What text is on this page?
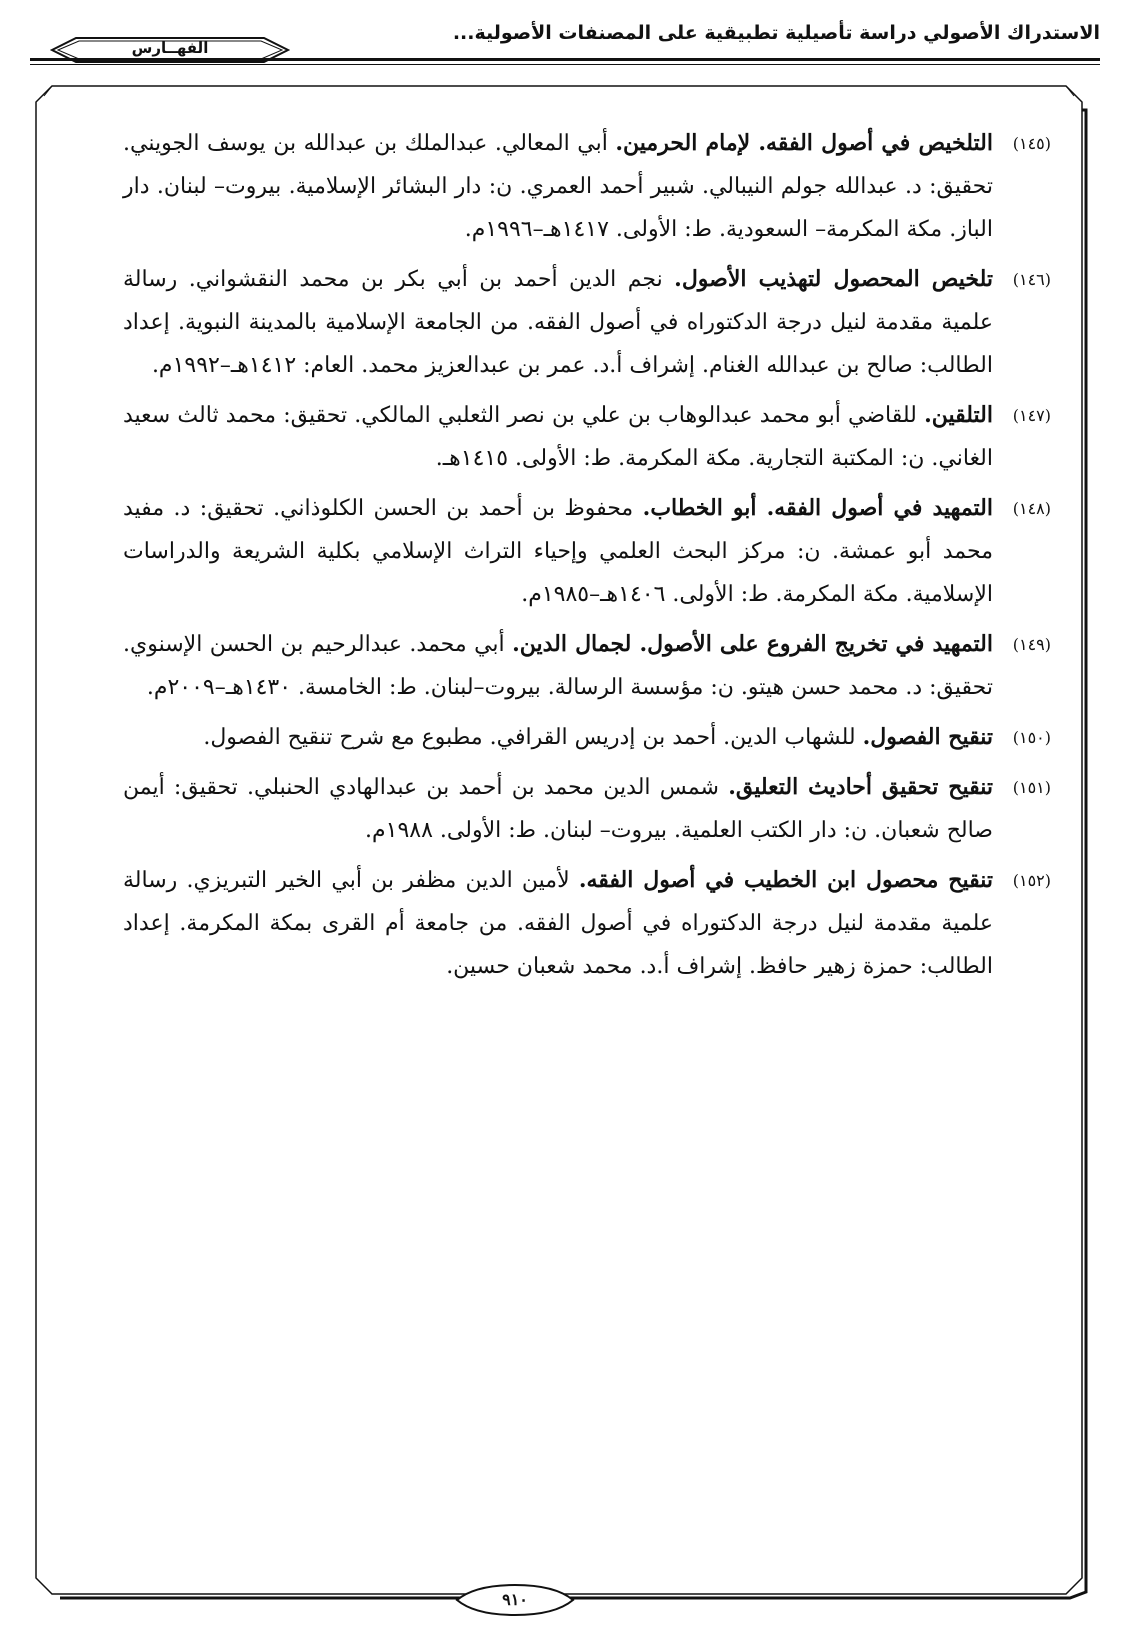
الاستدراك الأصولي دراسة تأصيلية تطبيقية على المصنفات الأصولية...
الفهــارس
(١٤٥)

التلخيص في أصول الفقه. لإمام الحرمين. أبي المعالي. عبدالملك بن عبدالله بن يوسف الجويني. تحقيق: د. عبدالله جولم النيبالي. شبير أحمد العمري. ن: دار البشائر الإسلامية. بيروت– لبنان. دار الباز. مكة المكرمة– السعودية. ط: الأولى. ١٤١٧هـ–١٩٩٦م.

(١٤٦)

تلخيص المحصول لتهذيب الأصول. نجم الدين أحمد بن أبي بكر بن محمد النقشواني. رسالة علمية مقدمة لنيل درجة الدكتوراه في أصول الفقه. من الجامعة الإسلامية بالمدينة النبوية. إعداد الطالب: صالح بن عبدالله الغنام. إشراف أ.د. عمر بن عبدالعزيز محمد. العام: ١٤١٢هـ–١٩٩٢م.

(١٤٧)

التلقين. للقاضي أبو محمد عبدالوهاب بن علي بن نصر الثعلبي المالكي. تحقيق: محمد ثالث سعيد الغاني. ن: المكتبة التجارية. مكة المكرمة. ط: الأولى. ١٤١٥هـ.

(١٤٨)

التمهيد في أصول الفقه. أبو الخطاب. محفوظ بن أحمد بن الحسن الكلوذاني. تحقيق: د. مفيد محمد أبو عمشة. ن: مركز البحث العلمي وإحياء التراث الإسلامي بكلية الشريعة والدراسات الإسلامية. مكة المكرمة. ط: الأولى. ١٤٠٦هـ–١٩٨٥م.

(١٤٩)

التمهيد في تخريج الفروع على الأصول. لجمال الدين. أبي محمد. عبدالرحيم بن الحسن الإسنوي. تحقيق: د. محمد حسن هيتو. ن: مؤسسة الرسالة. بيروت–لبنان. ط: الخامسة. ١٤٣٠هـ–٢٠٠٩م.

(١٥٠)

تنقيح الفصول. للشهاب الدين. أحمد بن إدريس القرافي. مطبوع مع شرح تنقيح الفصول.

(١٥١)

تنقيح تحقيق أحاديث التعليق. شمس الدين محمد بن أحمد بن عبدالهادي الحنبلي. تحقيق: أيمن صالح شعبان. ن: دار الكتب العلمية. بيروت– لبنان. ط: الأولى. ١٩٨٨م.

(١٥٢)

تنقيح محصول ابن الخطيب في أصول الفقه. لأمين الدين مظفر بن أبي الخير التبريزي. رسالة علمية مقدمة لنيل درجة الدكتوراه في أصول الفقه. من جامعة أم القرى بمكة المكرمة. إعداد الطالب: حمزة زهير حافظ. إشراف أ.د. محمد شعبان حسين.

٩١٠
